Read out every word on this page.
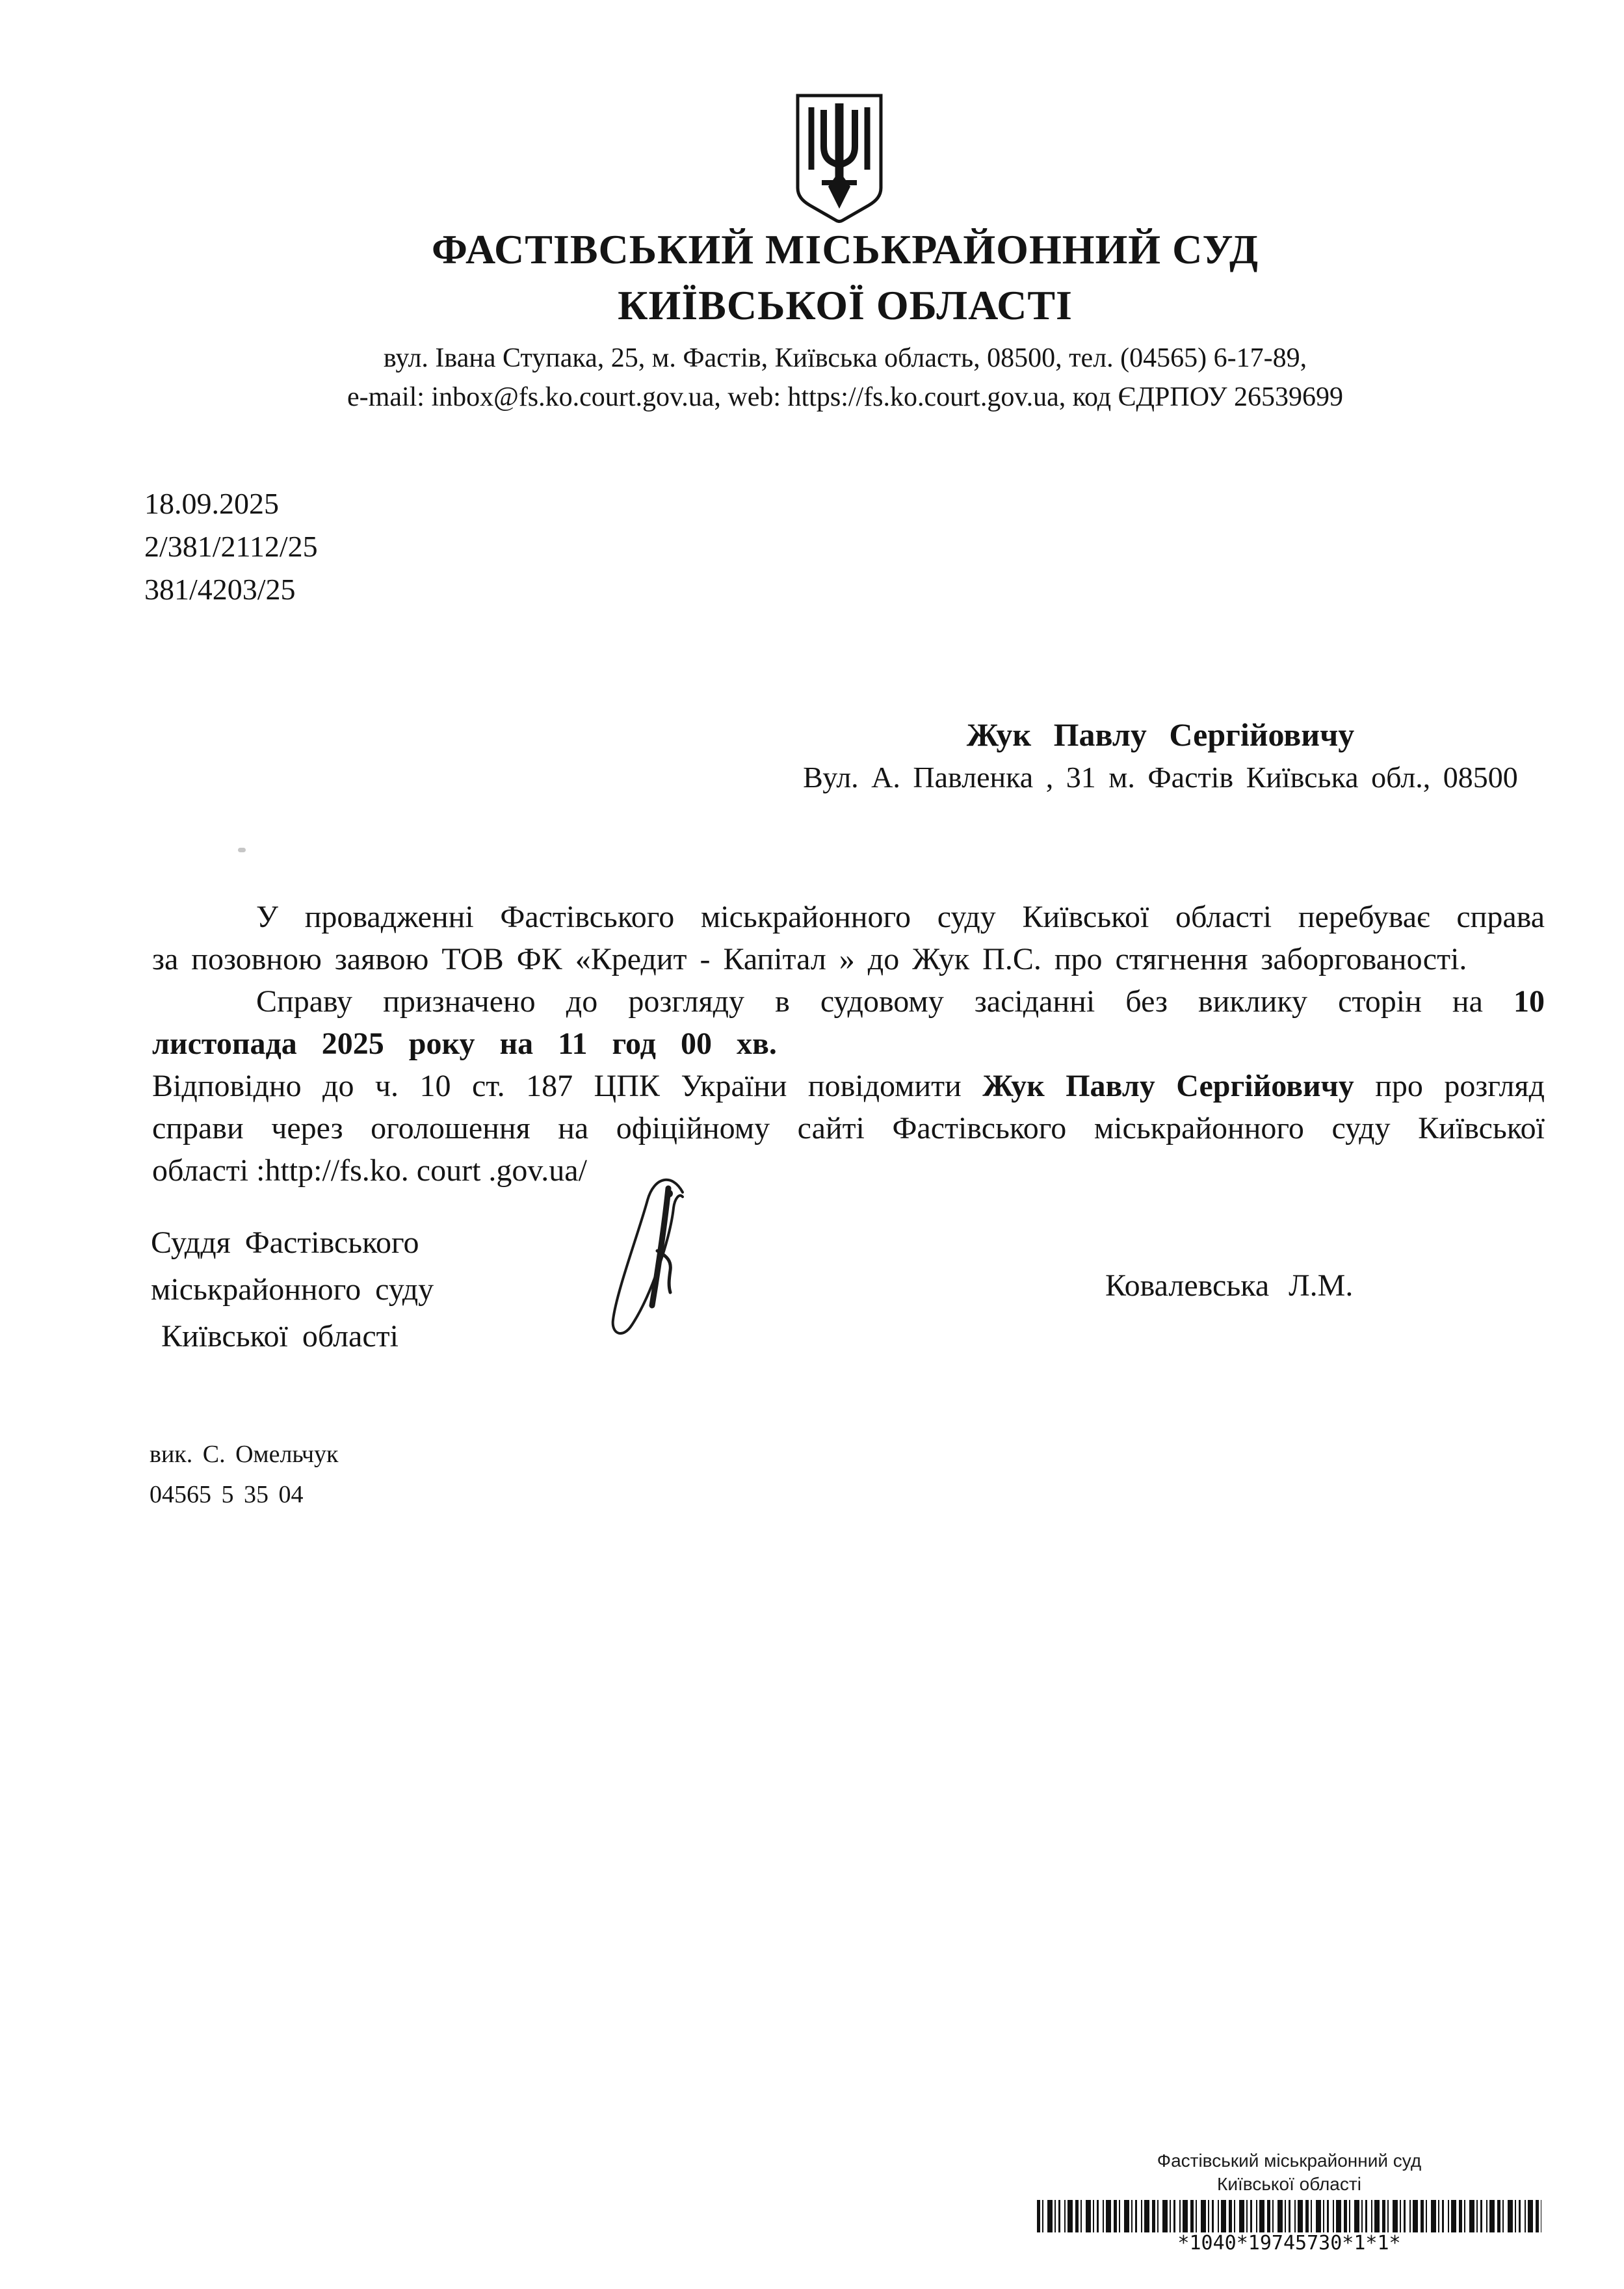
ФАСТІВСЬКИЙ МІСЬКРАЙОННИЙ СУД
КИЇВСЬКОЇ ОБЛАСТІ
вул. Івана Ступака, 25, м. Фастів, Київська область, 08500, тел. (04565) 6-17-89,
e-mail: inbox@fs.ko.court.gov.ua, web: https://fs.ko.court.gov.ua, код ЄДРПОУ 26539699
18.09.2025
2/381/2112/25
381/4203/25
Жук Павлу Сергійовичу
Вул. А. Павленка , 31 м. Фастів Київська обл., 08500
У провадженні Фастівського міськрайонного суду Київської області перебуває справа
за позовною заявою ТОВ ФК «Кредит - Капітал » до Жук П.С. про стягнення заборгованості.
Справу призначено до розгляду в судовому засіданні без виклику сторін на 10
листопада 2025 року на 11 год 00 хв.
Відповідно до ч. 10 ст. 187 ЦПК України повідомити Жук Павлу Сергійовичу про розгляд
справи через оголошення на офіційному сайті Фастівського міськрайонного суду Київської
області :http://fs.ko. court .gov.ua/
Суддя Фастівського
міськрайонного суду
Київської області
Ковалевська Л.М.
вик. С. Омельчук
04565 5 35 04
Фастівський міськрайонний суд
Київської області
*1040*19745730*1*1*
